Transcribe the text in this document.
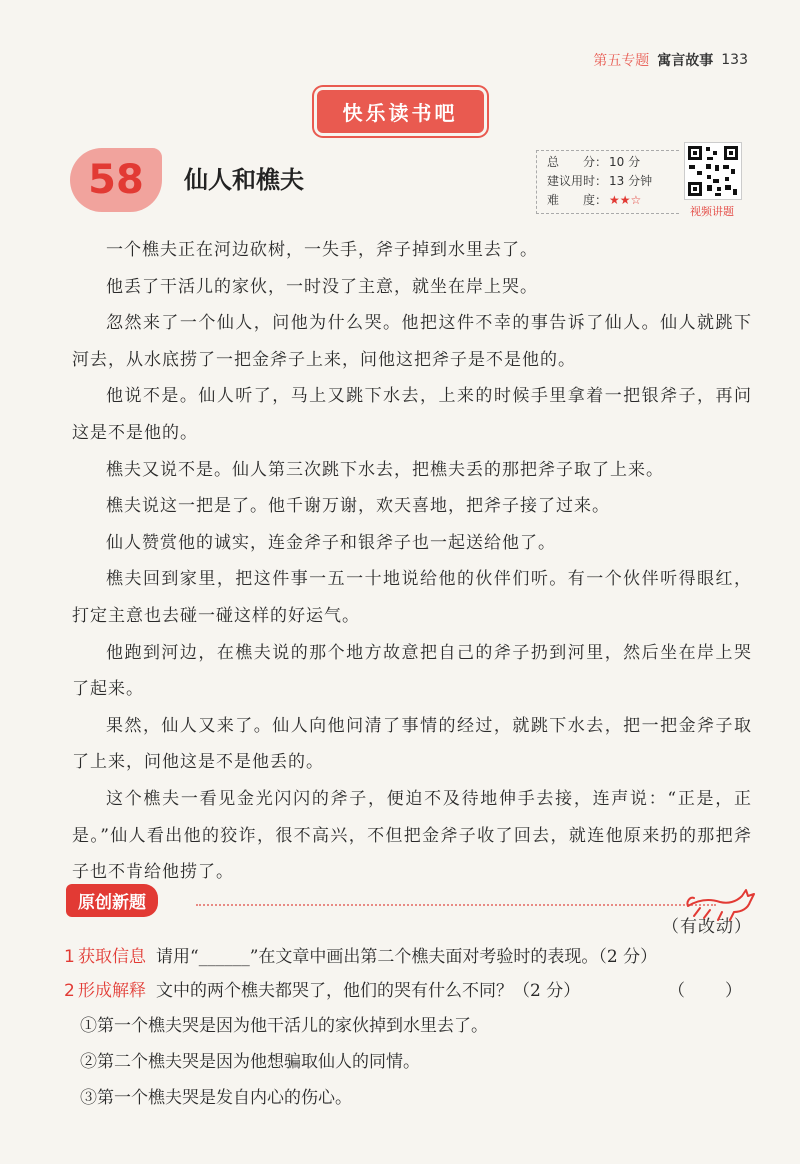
第五专题 寓言故事 133
快乐读书吧
58 仙人和樵夫
总　　分： 10 分
建议用时： 13 分钟
难　　度： ★★☆
视频讲题

一个樵夫正在河边砍树，一失手，斧子掉到水里去了。

他丢了干活儿的家伙，一时没了主意，就坐在岸上哭。

忽然来了一个仙人，问他为什么哭。他把这件不幸的事告诉了仙人。仙人就跳下河去，从水底捞了一把金斧子上来，问他这把斧子是不是他的。

他说不是。仙人听了，马上又跳下水去，上来的时候手里拿着一把银斧子，再问这是不是他的。

樵夫又说不是。仙人第三次跳下水去，把樵夫丢的那把斧子取了上来。

樵夫说这一把是了。他千谢万谢，欢天喜地，把斧子接了过来。

仙人赞赏他的诚实，连金斧子和银斧子也一起送给他了。

樵夫回到家里，把这件事一五一十地说给他的伙伴们听。有一个伙伴听得眼红，打定主意也去碰一碰这样的好运气。

他跑到河边，在樵夫说的那个地方故意把自己的斧子扔到河里，然后坐在岸上哭了起来。

果然，仙人又来了。仙人向他问清了事情的经过，就跳下水去，把一把金斧子取了上来，问他这是不是他丢的。

这个樵夫一看见金光闪闪的斧子，便迫不及待地伸手去接，连声说：“正是，正是。”仙人看出他的狡诈，很不高兴，不但把金斧子收了回去，就连他原来扔的那把斧子也不肯给他捞了。

（有改动）

原创新题
1 获取信息 请用“______”在文章中画出第二个樵夫面对考验时的表现。（2 分）
2 形成解释 文中的两个樵夫都哭了，他们的哭有什么不同？（2 分）	（　　）
①第一个樵夫哭是因为他干活儿的家伙掉到水里去了。
②第二个樵夫哭是因为他想骗取仙人的同情。
③第一个樵夫哭是发自内心的伤心。
